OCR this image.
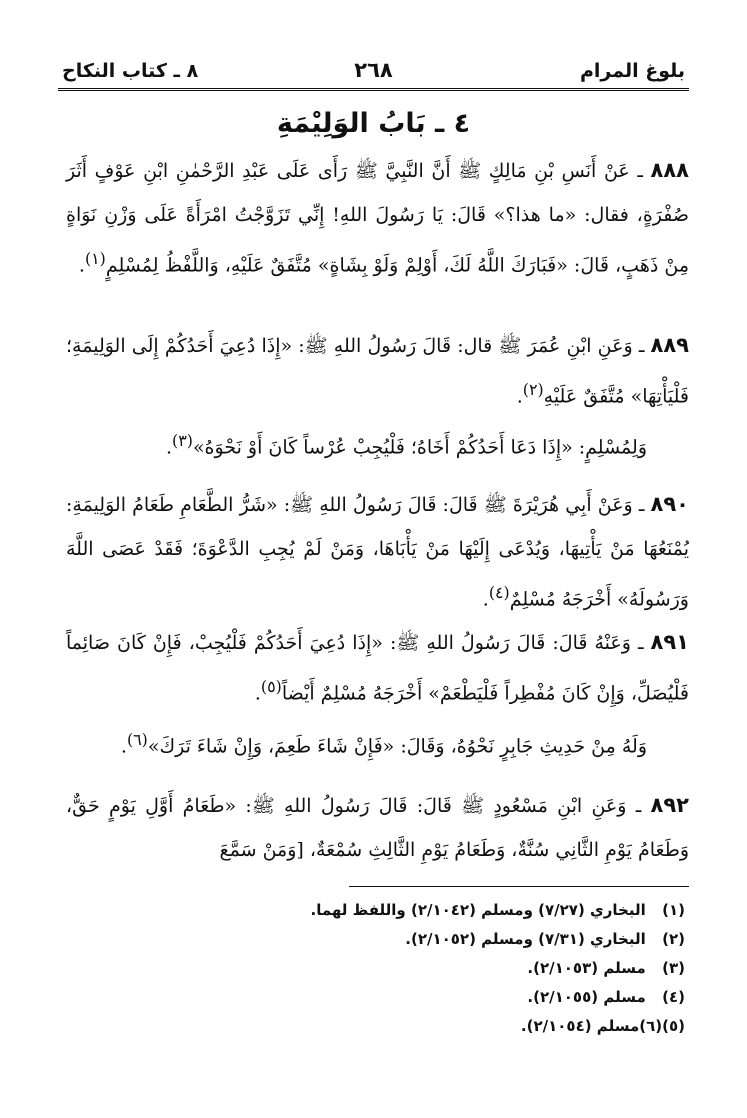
بلوغ المرام
٢٦٨
٨ ـ كتاب النكاح
٤ ـ بَابُ الوَلِيْمَةِ
٨٨٨ ـ عَنْ أَنَسِ بْنِ مَالِكٍ ﷺ أَنَّ النَّبِيَّ ﷺ رَأَى عَلَى عَبْدِ الرَّحْمٰنِ ابْنِ عَوْفٍ أَثَرَ صُفْرَةٍ، فقال: «ما هذا؟» قَالَ: يَا رَسُولَ اللهِ! إِنِّي تَزَوَّجْتُ امْرَأَةً عَلَى وَزْنِ نَوَاةٍ مِنْ ذَهَبٍ، قَالَ: «فَبَارَكَ اللَّهُ لَكَ، أَوْلِمْ وَلَوْ بِشَاةٍ» مُتَّفَقٌ عَلَيْهِ، وَاللَّفْظُ لِمُسْلِمٍ$^{(١)}$.
٨٨٩ ـ وَعَنِ ابْنِ عُمَرَ ﷺ قال: قَالَ رَسُولُ اللهِ ﷺ: «إِذَا دُعِيَ أَحَدُكُمْ إِلَى الوَلِيمَةِ؛ فَلْيَأْتِهَا» مُتَّفَقٌ عَلَيْهِ$^{(٢)}$.
وَلِمُسْلِمٍ: «إِذَا دَعَا أَحَدُكُمْ أَخَاهُ؛ فَلْيُجِبْ عُرْساً كَانَ أَوْ نَحْوَهُ»$^{(٣)}$.
٨٩٠ ـ وَعَنْ أَبِي هُرَيْرَةَ ﷺ قَالَ: قَالَ رَسُولُ اللهِ ﷺ: «شَرُّ الطَّعَامِ طَعَامُ الوَلِيمَةِ: يُمْنَعُهَا مَنْ يَأْتِيهَا، وَيُدْعَى إِلَيْهَا مَنْ يَأْبَاهَا، وَمَنْ لَمْ يُجِبِ الدَّعْوَةَ؛ فَقَدْ عَصَى اللَّهَ وَرَسُولَهُ» أَخْرَجَهُ مُسْلِمٌ$^{(٤)}$.
٨٩١ ـ وَعَنْهُ قَالَ: قَالَ رَسُولُ اللهِ ﷺ: «إِذَا دُعِيَ أَحَدُكُمْ فَلْيُجِبْ، فَإِنْ كَانَ صَائِماً فَلْيُصَلِّ، وَإِنْ كَانَ مُفْطِراً فَلْيَطْعَمْ» أَخْرَجَهُ مُسْلِمٌ أَيْضاً$^{(٥)}$.
وَلَهُ مِنْ حَدِيثِ جَابِرٍ نَحْوُهُ، وَقَالَ: «فَإِنْ شَاءَ طَعِمَ، وَإِنْ شَاءَ تَرَكَ»$^{(٦)}$.
٨٩٢ ـ وَعَنِ ابْنِ مَسْعُودٍ ﷺ قَالَ: قَالَ رَسُولُ اللهِ ﷺ: «طَعَامُ أَوَّلِ يَوْمٍ حَقٌّ، وَطَعَامُ يَوْمِ الثَّانِي سُنَّةٌ، وَطَعَامُ يَوْمِ الثَّالِثِ سُمْعَةٌ، [وَمَنْ سَمَّعَ
(١) البخاري (٧/٢٧) ومسلم (٢/١٠٤٢) واللفظ لهما.
(٢) البخاري (٧/٣١) ومسلم (٢/١٠٥٢).
(٣) مسلم (٢/١٠٥٣).
(٤) مسلم (٢/١٠٥٥).
(٥)(٦)مسلم (٢/١٠٥٤).
